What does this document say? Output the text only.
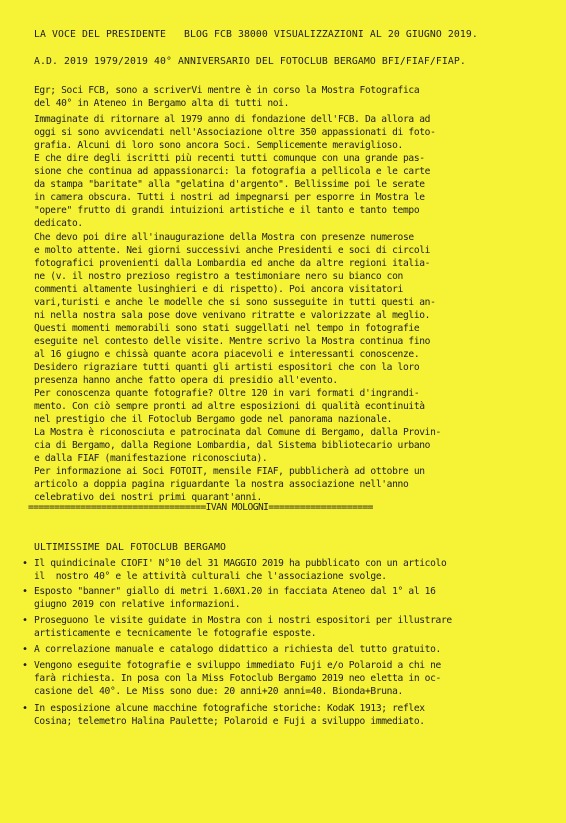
LA VOCE DEL PRESIDENTE   BLOG FCB 38000 VISUALIZZAZIONI AL 20 GIUGNO 2019.
A.D. 2019 1979/2019 40° ANNIVERSARIO DEL FOTOCLUB BERGAMO BFI/FIAF/FIAP.
Egr; Soci FCB, sono a scriverVi mentre è in corso la Mostra Fotografica
del 40° in Ateneo in Bergamo alta di tutti noi.
Immaginate di ritornare al 1979 anno di fondazione dell'FCB. Da allora ad
oggi si sono avvicendati nell'Associazione oltre 350 appassionati di foto-
grafia. Alcuni di loro sono ancora Soci. Semplicemente meraviglioso.
E che dire degli iscritti più recenti tutti comunque con una grande pas-
sione che continua ad appassionarci: la fotografia a pellicola e le carte
da stampa "baritate" alla "gelatina d'argento". Bellissime poi le serate
in camera obscura. Tutti i nostri ad impegnarsi per esporre in Mostra le
"opere" frutto di grandi intuizioni artistiche e il tanto e tanto tempo
dedicato.
Che devo poi dire all'inaugurazione della Mostra con presenze numerose
e molto attente. Nei giorni successivi anche Presidenti e soci di circoli
fotografici provenienti dalla Lombardia ed anche da altre regioni italia-
ne (v. il nostro prezioso registro a testimoniare nero su bianco con
commenti altamente lusinghieri e di rispetto). Poi ancora visitatori
vari,turisti e anche le modelle che si sono susseguite in tutti questi an-
ni nella nostra sala pose dove venivano ritratte e valorizzate al meglio.
Questi momenti memorabili sono stati suggellati nel tempo in fotografie
eseguite nel contesto delle visite. Mentre scrivo la Mostra continua fino
al 16 giugno e chissà quante acora piacevoli e interessanti conoscenze.
Desidero rigraziare tutti quanti gli artisti espositori che con la loro
presenza hanno anche fatto opera di presidio all'evento.
Per conoscenza quante fotografie? Oltre 120 in vari formati d'ingrandi-
mento. Con ciò sempre pronti ad altre esposizioni di qualità econtinuità
nel prestigio che il Fotoclub Bergamo gode nel panorama nazionale.
La Mostra è riconosciuta e patrocinata dal Comune di Bergamo, dalla Provin-
cia di Bergamo, dalla Regione Lombardia, dal Sistema bibliotecario urbano
e dalla FIAF (manifestazione riconosciuta).
Per informazione ai Soci FOTOIT, mensile FIAF, pubblicherà ad ottobre un
articolo a doppia pagina riguardante la nostra associazione nell'anno
celebrativo dei nostri primi quarant'anni.
==================================IVAN MOLOGNI====================
ULTIMISSIME DAL FOTOCLUB BERGAMO
• Il quindicinale CIOFI' N°10 del 31 MAGGIO 2019 ha pubblicato con un articolo
il  nostro 40° e le attività culturali che l'associazione svolge.
• Esposto "banner" giallo di metri 1.60X1.20 in facciata Ateneo dal 1° al 16
giugno 2019 con relative informazioni.
• Proseguono le visite guidate in Mostra con i nostri espositori per illustrare
artisticamente e tecnicamente le fotografie esposte.
• A correlazione manuale e catalogo didattico a richiesta del tutto gratuito.
• Vengono eseguite fotografie e sviluppo immediato Fuji e/o Polaroid a chi ne
farà richiesta. In posa con la Miss Fotoclub Bergamo 2019 neo eletta in oc-
casione del 40°. Le Miss sono due: 20 anni+20 anni=40. Bionda+Bruna.
• In esposizione alcune macchine fotografiche storiche: KodaK 1913; reflex
Cosina; telemetro Halina Paulette; Polaroid e Fuji a sviluppo immediato.
